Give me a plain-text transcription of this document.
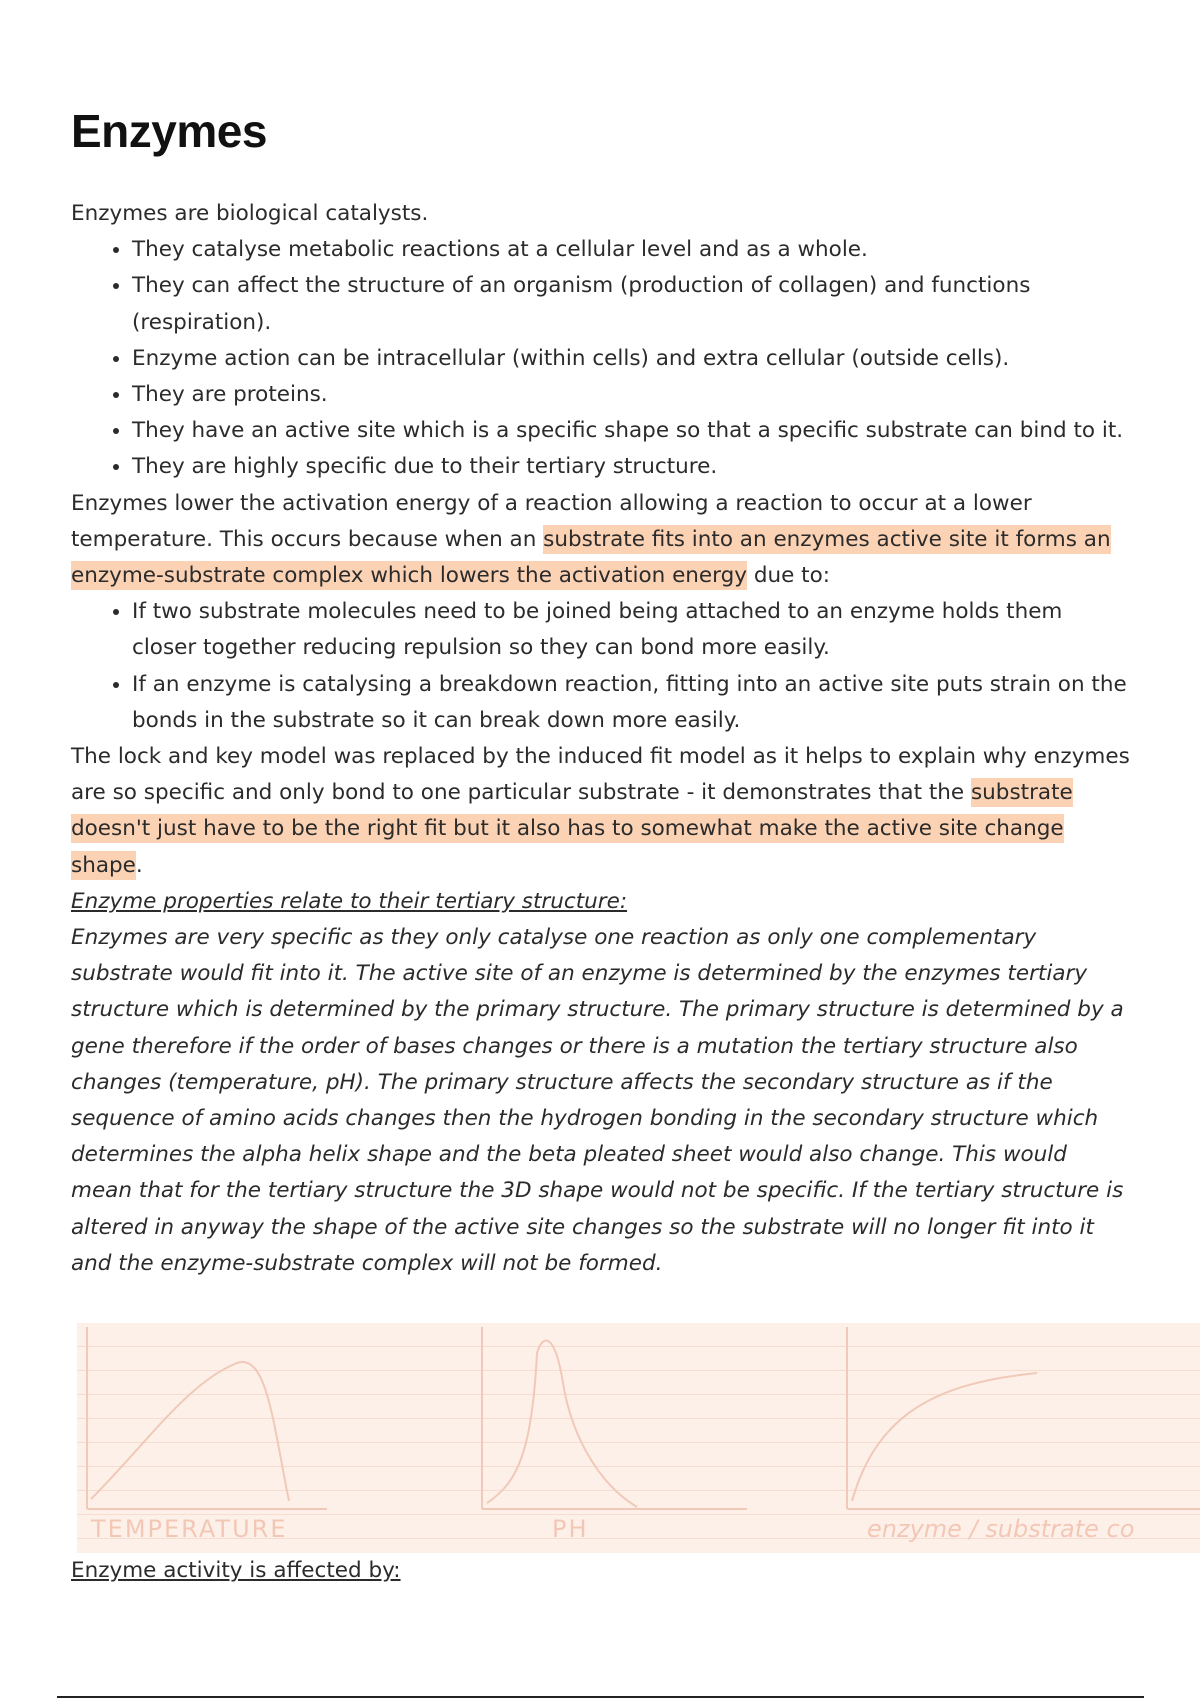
Enzymes

Enzymes are biological catalysts.

• They catalyse metabolic reactions at a cellular level and as a whole.
• They can affect the structure of an organism (production of collagen) and functions (respiration).
• Enzyme action can be intracellular (within cells) and extra cellular (outside cells).
• They are proteins.
• They have an active site which is a specific shape so that a specific substrate can bind to it.
• They are highly specific due to their tertiary structure.

Enzymes lower the activation energy of a reaction allowing a reaction to occur at a lower temperature. This occurs because when an substrate fits into an enzymes active site it forms an enzyme-substrate complex which lowers the activation energy due to:

• If two substrate molecules need to be joined being attached to an enzyme holds them closer together reducing repulsion so they can bond more easily.
• If an enzyme is catalysing a breakdown reaction, fitting into an active site puts strain on the bonds in the substrate so it can break down more easily.

The lock and key model was replaced by the induced fit model as it helps to explain why enzymes are so specific and only bond to one particular substrate - it demonstrates that the substrate doesn't just have to be the right fit but it also has to somewhat make the active site change shape.

Enzyme properties relate to their tertiary structure:

Enzymes are very specific as they only catalyse one reaction as only one complementary substrate would fit into it. The active site of an enzyme is determined by the enzymes tertiary structure which is determined by the primary structure. The primary structure is determined by a gene therefore if the order of bases changes or there is a mutation the tertiary structure also changes (temperature, pH). The primary structure affects the secondary structure as if the sequence of amino acids changes then the hydrogen bonding in the secondary structure which determines the alpha helix shape and the beta pleated sheet would also change. This would mean that for the tertiary structure the 3D shape would not be specific. If the tertiary structure is altered in anyway the shape of the active site changes so the substrate will no longer fit into it and the enzyme-substrate complex will not be formed.

TEMPERATURE	PH	enzyme / substrate co
Enzyme activity is affected by:
